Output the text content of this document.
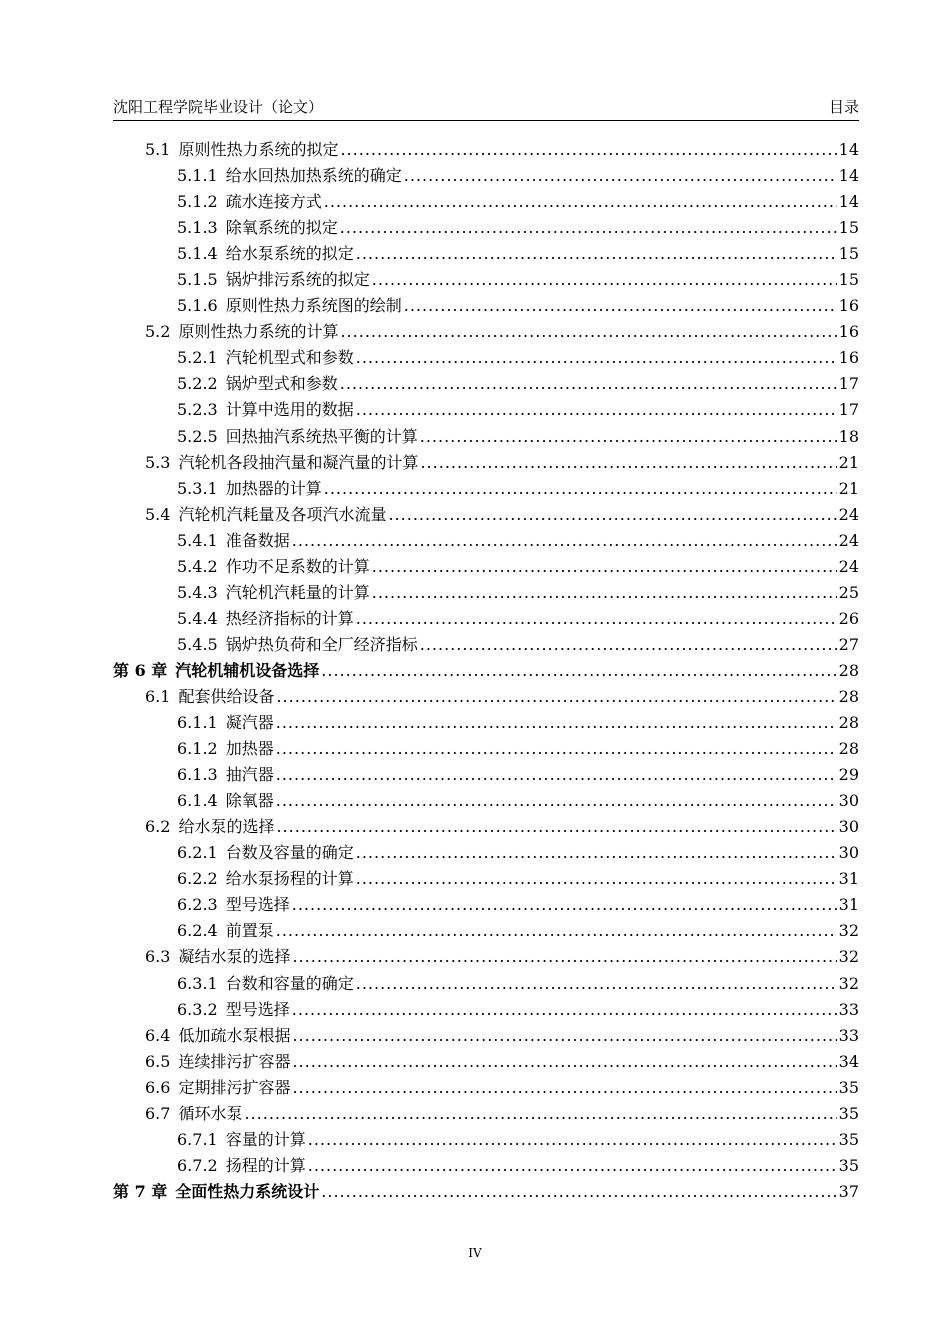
沈阳工程学院毕业设计（论文）	目录
5.1 原则性热力系统的拟定 .....	14
5.1.1 给水回热加热系统的确定 .....	14
5.1.2 疏水连接方式 .....	14
5.1.3 除氧系统的拟定 .....	15
5.1.4 给水泵系统的拟定 .....	15
5.1.5 锅炉排污系统的拟定 .....	15
5.1.6 原则性热力系统图的绘制 .....	16
5.2 原则性热力系统的计算 .....	16
5.2.1 汽轮机型式和参数 .....	16
5.2.2 锅炉型式和参数 .....	17
5.2.3 计算中选用的数据 .....	17
5.2.5 回热抽汽系统热平衡的计算 .....	18
5.3 汽轮机各段抽汽量和凝汽量的计算 .....	21
5.3.1 加热器的计算 .....	21
5.4 汽轮机汽耗量及各项汽水流量 .....	24
5.4.1 准备数据 .....	24
5.4.2 作功不足系数的计算 .....	24
5.4.3 汽轮机汽耗量的计算 .....	25
5.4.4 热经济指标的计算 .....	26
5.4.5 锅炉热负荷和全厂经济指标 .....	27
第 6 章 汽轮机辅机设备选择 .....	28
6.1 配套供给设备 .....	28
6.1.1 凝汽器 .....	28
6.1.2 加热器 .....	28
6.1.3 抽汽器 .....	29
6.1.4 除氧器 .....	30
6.2 给水泵的选择 .....	30
6.2.1 台数及容量的确定 .....	30
6.2.2 给水泵扬程的计算 .....	31
6.2.3 型号选择 .....	31
6.2.4 前置泵 .....	32
6.3 凝结水泵的选择 .....	32
6.3.1 台数和容量的确定 .....	32
6.3.2 型号选择 .....	33
6.4 低加疏水泵根据 .....	33
6.5 连续排污扩容器 .....	34
6.6 定期排污扩容器 .....	35
6.7 循环水泵 .....	35
6.7.1 容量的计算 .....	35
6.7.2 扬程的计算 .....	35
第 7 章 全面性热力系统设计 .....	37
IV
